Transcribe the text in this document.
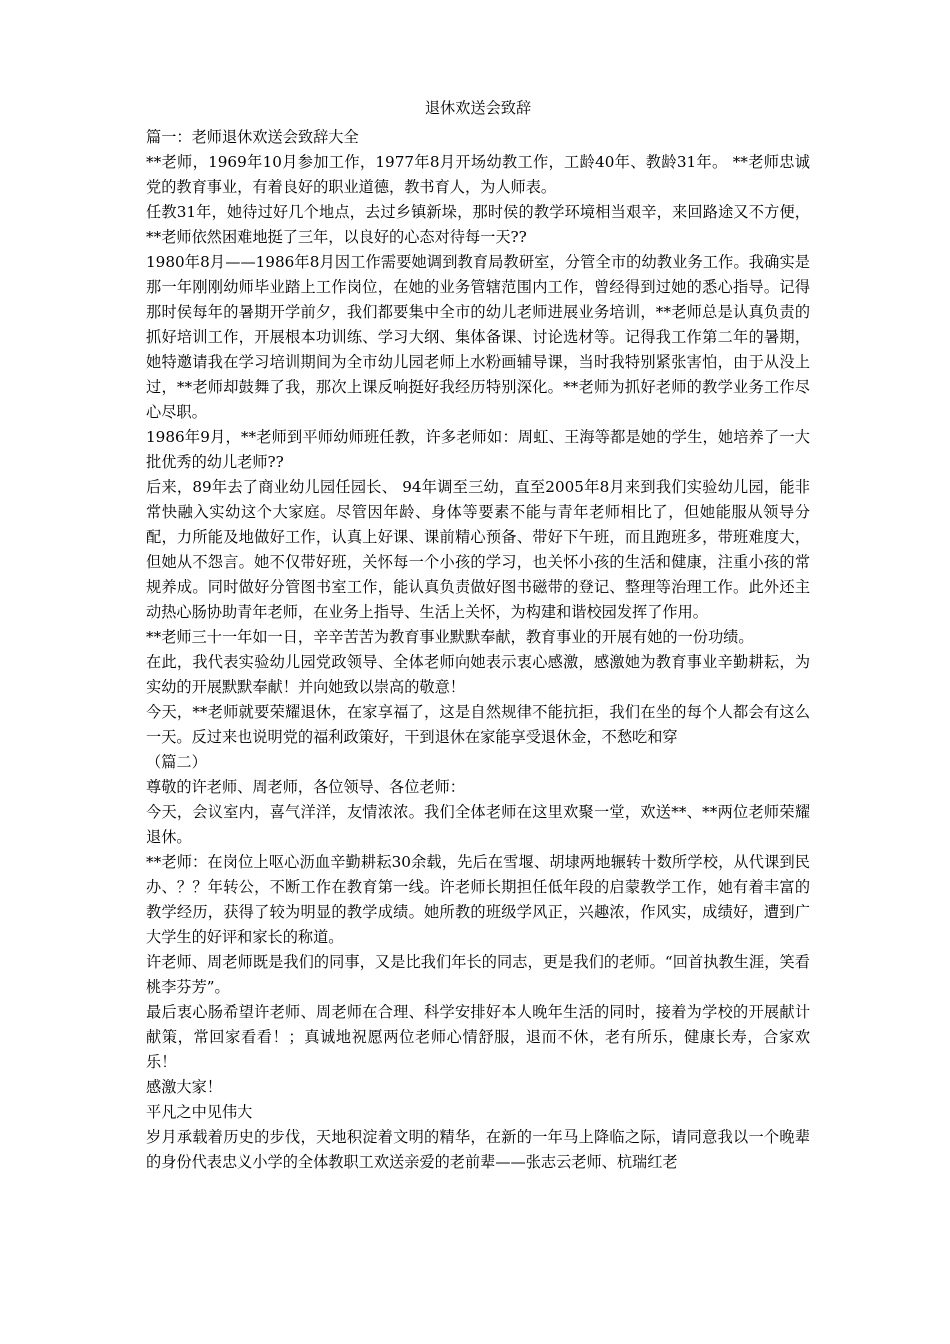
退休欢送会致辞

篇一：老师退休欢送会致辞大全

**老师，1969年10月参加工作，1977年8月开场幼教工作，工龄40年、教龄31年。 **老师忠诚党的教育事业，有着良好的职业道德，教书育人，为人师表。

任教31年，她待过好几个地点，去过乡镇新垛，那时侯的教学环境相当艰辛，来回路途又不方便，**老师依然困难地挺了三年，以良好的心态对待每一天??

1980年8月——1986年8月因工作需要她调到教育局教研室，分管全市的幼教业务工作。我确实是那一年刚刚幼师毕业踏上工作岗位，在她的业务管辖范围内工作，曾经得到过她的悉心指导。记得那时侯每年的暑期开学前夕，我们都要集中全市的幼儿老师进展业务培训，**老师总是认真负责的抓好培训工作，开展根本功训练、学习大纲、集体备课、讨论选材等。记得我工作第二年的暑期，她特邀请我在学习培训期间为全市幼儿园老师上水粉画辅导课，当时我特别紧张害怕，由于从没上过，**老师却鼓舞了我，那次上课反响挺好我经历特别深化。**老师为抓好老师的教学业务工作尽心尽职。

1986年9月，**老师到平师幼师班任教，许多老师如：周虹、王海等都是她的学生，她培养了一大批优秀的幼儿老师??

后来，89年去了商业幼儿园任园长、 94年调至三幼，直至2005年8月来到我们实验幼儿园，能非常快融入实幼这个大家庭。尽管因年龄、身体等要素不能与青年老师相比了，但她能服从领导分配，力所能及地做好工作，认真上好课、课前精心预备、带好下午班，而且跑班多，带班难度大，但她从不怨言。她不仅带好班，关怀每一个小孩的学习，也关怀小孩的生活和健康，注重小孩的常规养成。同时做好分管图书室工作，能认真负责做好图书磁带的登记、整理等治理工作。此外还主动热心肠协助青年老师，在业务上指导、生活上关怀，为构建和谐校园发挥了作用。

**老师三十一年如一日，辛辛苦苦为教育事业默默奉献，教育事业的开展有她的一份功绩。

在此，我代表实验幼儿园党政领导、全体老师向她表示衷心感激，感激她为教育事业辛勤耕耘，为实幼的开展默默奉献！并向她致以崇高的敬意！

今天，**老师就要荣耀退休，在家享福了，这是自然规律不能抗拒，我们在坐的每个人都会有这么一天。反过来也说明党的福利政策好，干到退休在家能享受退休金，不愁吃和穿

（篇二）

尊敬的许老师、周老师，各位领导、各位老师：

今天，会议室内，喜气洋洋，友情浓浓。我们全体老师在这里欢聚一堂，欢送**、**两位老师荣耀退休。

**老师：在岗位上呕心沥血辛勤耕耘30余载，先后在雪堰、胡埭两地辗转十数所学校，从代课到民办、？？年转公，不断工作在教育第一线。许老师长期担任低年段的启蒙教学工作，她有着丰富的教学经历，获得了较为明显的教学成绩。她所教的班级学风正，兴趣浓，作风实，成绩好，遭到广大学生的好评和家长的称道。

许老师、周老师既是我们的同事，又是比我们年长的同志，更是我们的老师。“回首执教生涯，笑看桃李芬芳”。

最后衷心肠希望许老师、周老师在合理、科学安排好本人晚年生活的同时，接着为学校的开展献计献策，常回家看看！；真诚地祝愿两位老师心情舒服，退而不休，老有所乐，健康长寿，合家欢乐！

感激大家！

平凡之中见伟大

岁月承载着历史的步伐，天地积淀着文明的精华，在新的一年马上降临之际，请同意我以一个晚辈的身份代表忠义小学的全体教职工欢送亲爱的老前辈——张志云老师、杭瑞红老
